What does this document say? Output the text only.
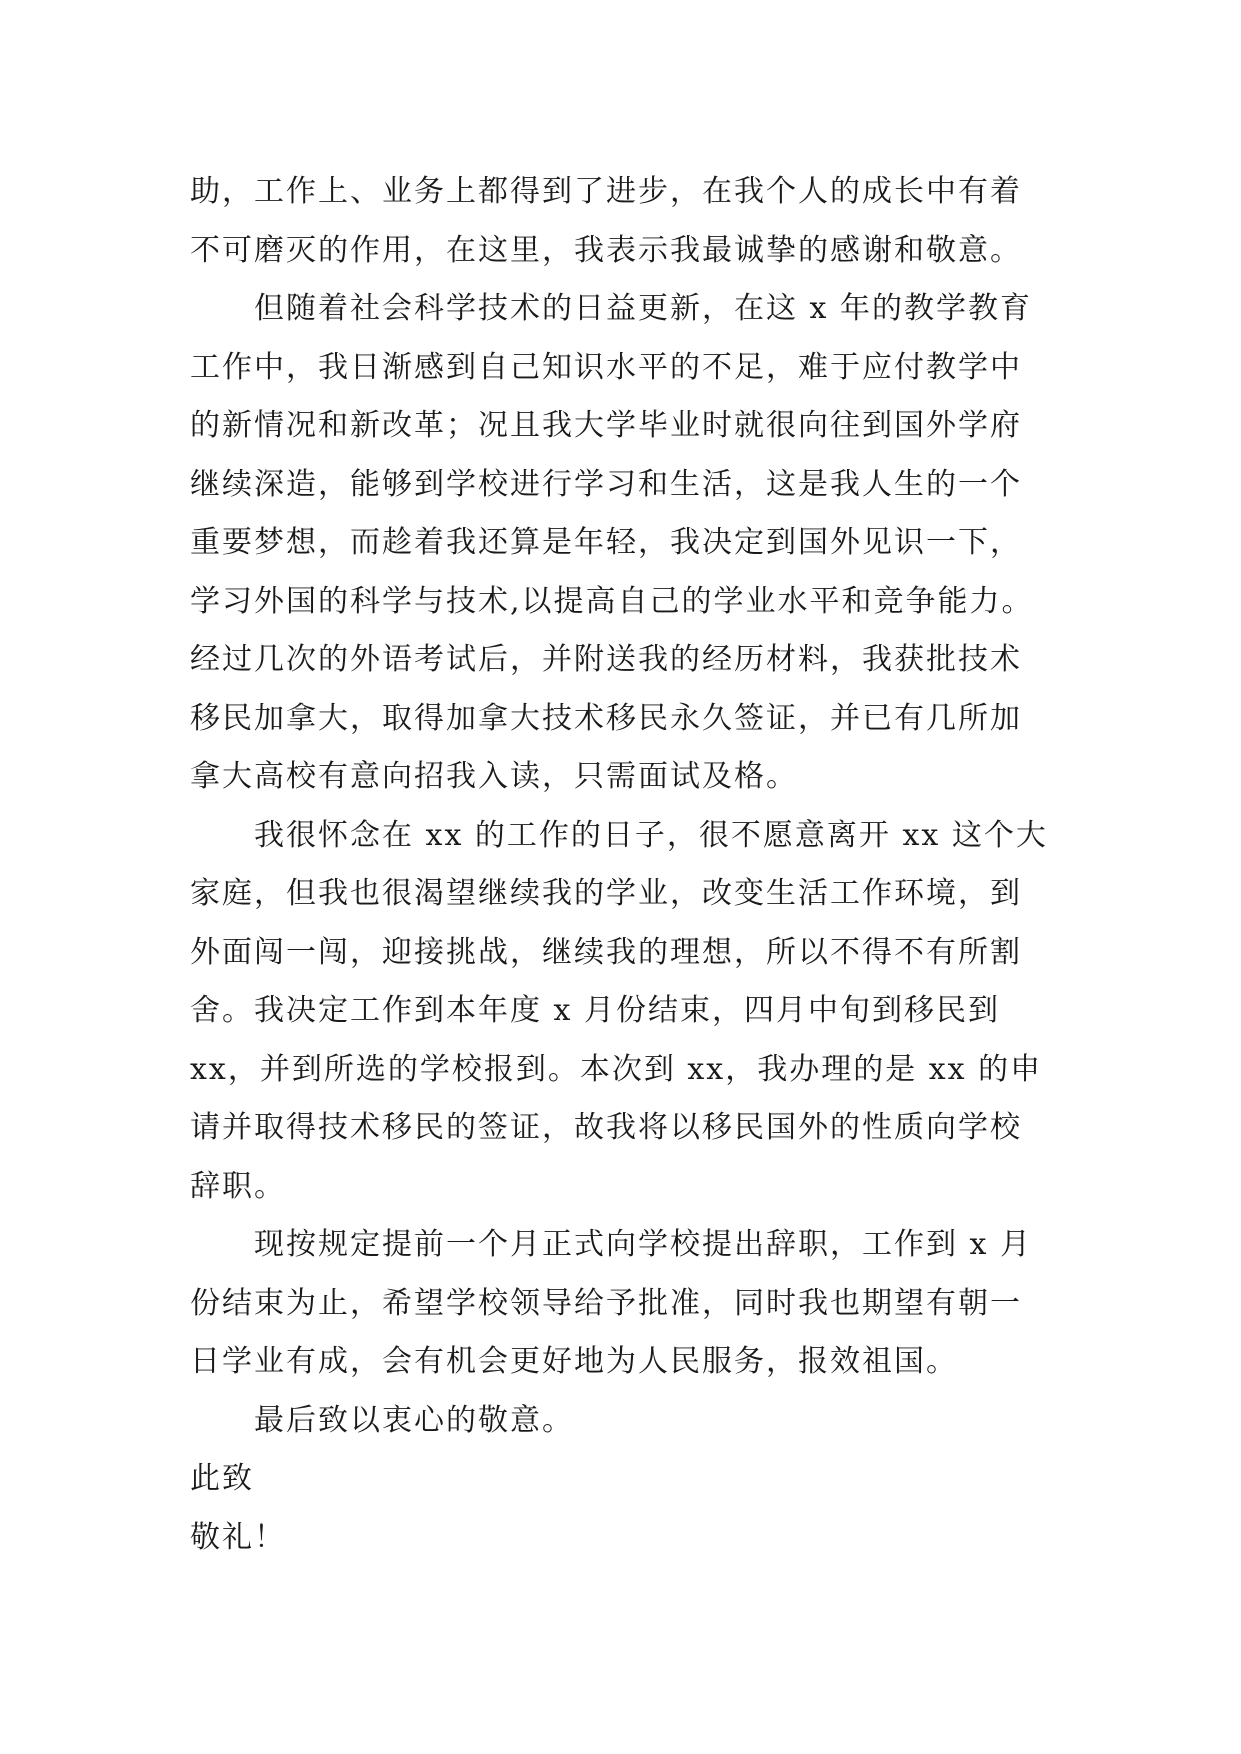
助，工作上、业务上都得到了进步，在我个人的成长中有着
不可磨灭的作用，在这里，我表示我最诚挚的感谢和敬意。
但随着社会科学技术的日益更新，在这 x 年的教学教育
工作中，我日渐感到自己知识水平的不足，难于应付教学中
的新情况和新改革；况且我大学毕业时就很向往到国外学府
继续深造，能够到学校进行学习和生活，这是我人生的一个
重要梦想，而趁着我还算是年轻，我决定到国外见识一下，
学习外国的科学与技术,以提高自己的学业水平和竞争能力。
经过几次的外语考试后，并附送我的经历材料，我获批技术
移民加拿大，取得加拿大技术移民永久签证，并已有几所加
拿大高校有意向招我入读，只需面试及格。
我很怀念在 xx 的工作的日子，很不愿意离开 xx 这个大
家庭，但我也很渴望继续我的学业，改变生活工作环境，到
外面闯一闯，迎接挑战，继续我的理想，所以不得不有所割
舍。我决定工作到本年度 x 月份结束，四月中旬到移民到
xx，并到所选的学校报到。本次到 xx，我办理的是 xx 的申
请并取得技术移民的签证，故我将以移民国外的性质向学校
辞职。
现按规定提前一个月正式向学校提出辞职，工作到 x 月
份结束为止，希望学校领导给予批准，同时我也期望有朝一
日学业有成，会有机会更好地为人民服务，报效祖国。
最后致以衷心的敬意。
此致
敬礼！
